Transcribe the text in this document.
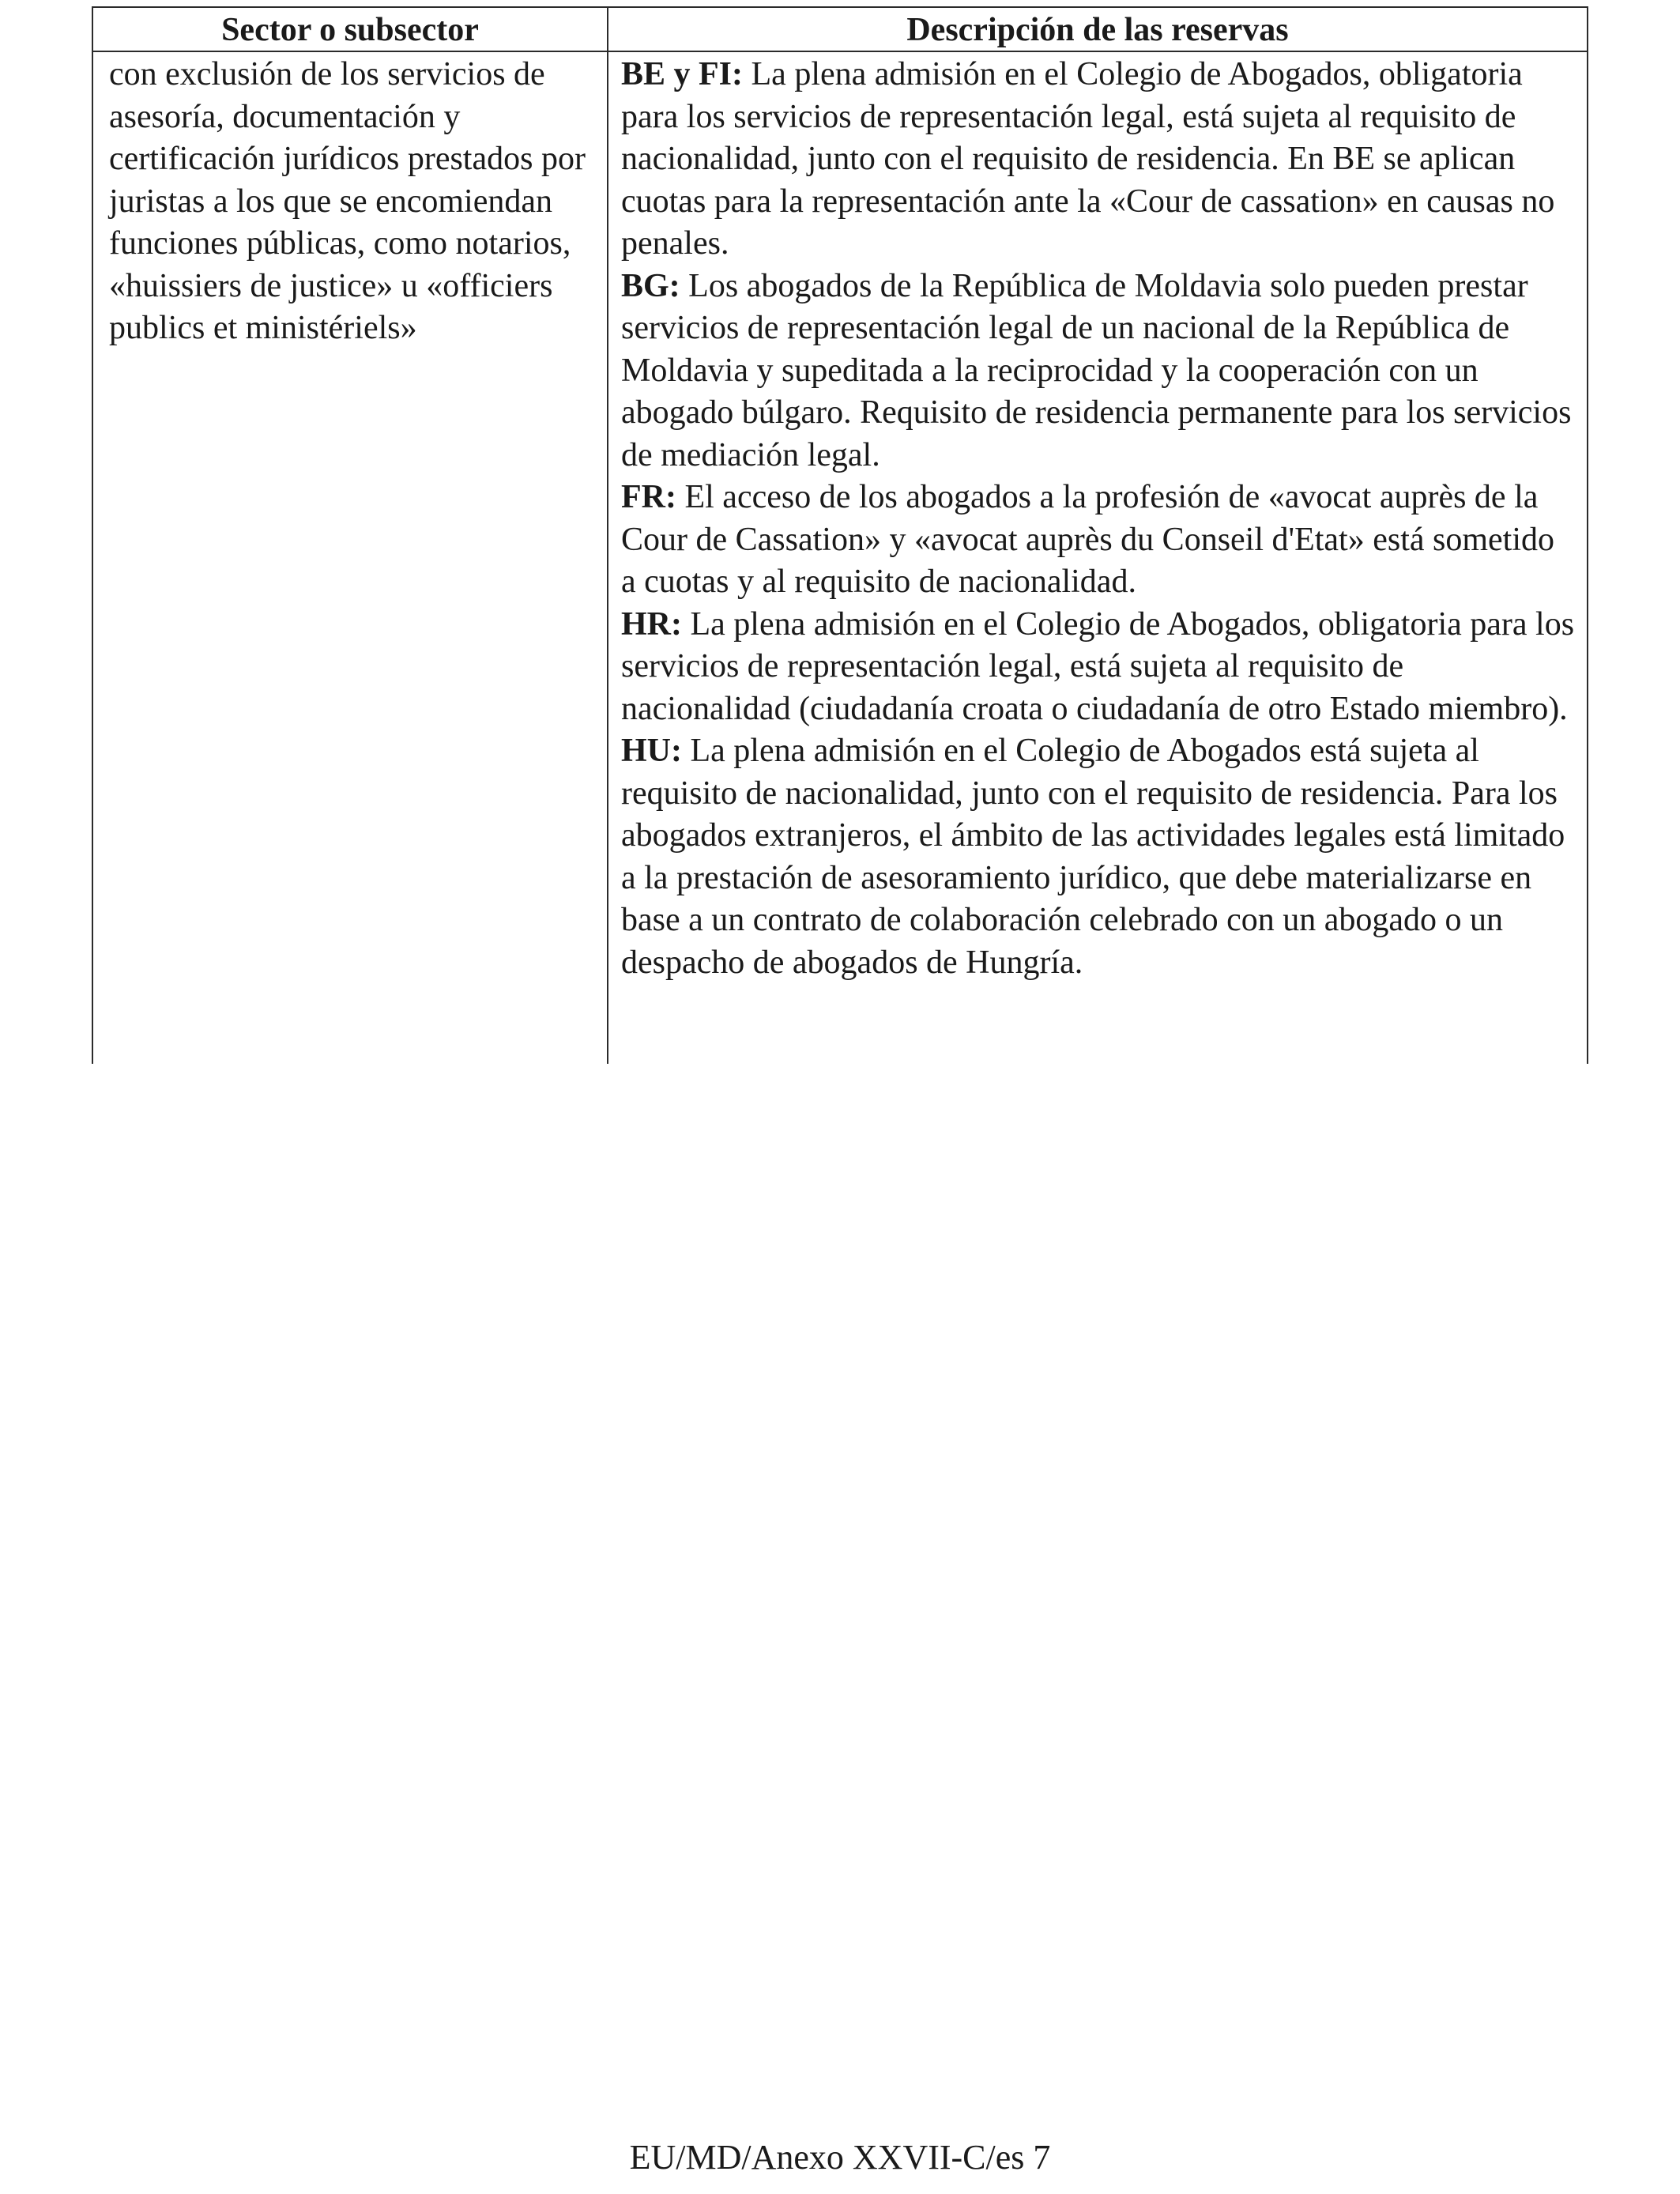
Sector o subsector	Descripción de las reservas
con exclusión de los servicios de asesoría, documentación y certificación jurídicos prestados por juristas a los que se encomiendan funciones públicas, como notarios, «huissiers de justice» u «officiers publics et ministériels»

BE y FI: La plena admisión en el Colegio de Abogados, obligatoria para los servicios de representación legal, está sujeta al requisito de nacionalidad, junto con el requisito de residencia. En BE se aplican cuotas para la representación ante la «Cour de cassation» en causas no penales.

BG: Los abogados de la República de Moldavia solo pueden prestar servicios de representación legal de un nacional de la República de Moldavia y supeditada a la reciprocidad y la cooperación con un abogado búlgaro. Requisito de residencia permanente para los servicios de mediación legal.

FR: El acceso de los abogados a la profesión de «avocat auprès de la Cour de Cassation» y «avocat auprès du Conseil d'Etat» está sometido a cuotas y al requisito de nacionalidad.

HR: La plena admisión en el Colegio de Abogados, obligatoria para los servicios de representación legal, está sujeta al requisito de nacionalidad (ciudadanía croata o ciudadanía de otro Estado miembro).

HU: La plena admisión en el Colegio de Abogados está sujeta al requisito de nacionalidad, junto con el requisito de residencia. Para los abogados extranjeros, el ámbito de las actividades legales está limitado a la prestación de asesoramiento jurídico, que debe materializarse en base a un contrato de colaboración celebrado con un abogado o un despacho de abogados de Hungría.

EU/MD/Anexo XXVII-C/es 7
